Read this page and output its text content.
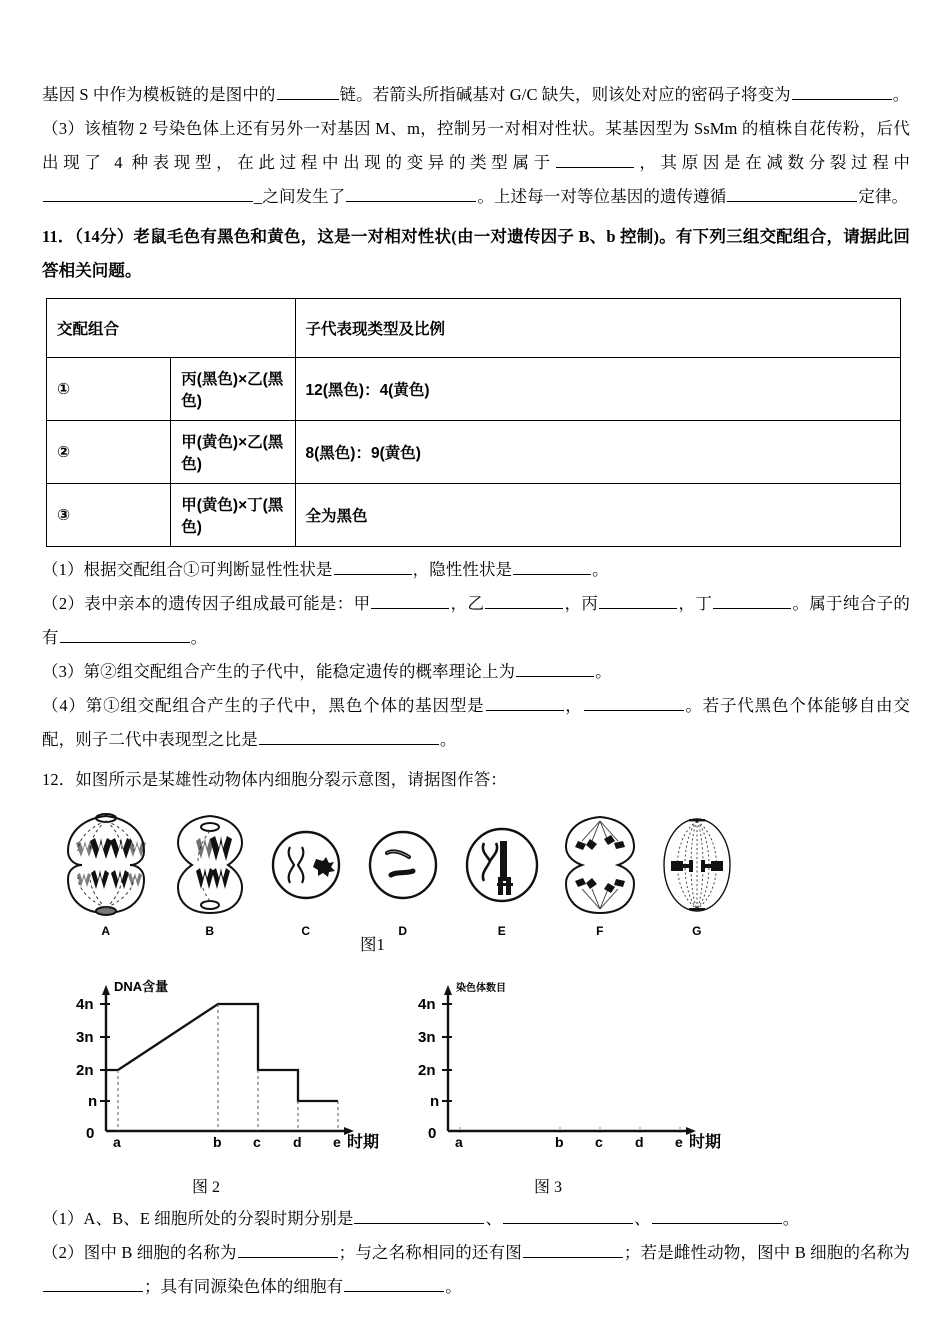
基因 S 中作为模板链的是图中的	链。若箭头所指碱基对 G/C 缺失，则该处对应的密码子将变为	。

（3）该植物 2 号染色体上还有另外一对基因 M、m，控制另一对相对性状。某基因型为 SsMm 的植株自花传粉，后代出现了 4 种表现型，在此过程中出现的变异的类型属于	，其原因是在减数分裂过程中_之间发生了	。上述每一对等位基因的遗传遵循	定律。

11．（14分）老鼠毛色有黑色和黄色，这是一对相对性状(由一对遗传因子 B、b 控制)。有下列三组交配组合，请据此回答相关问题。

交配组合		子代表现类型及比例
①	丙(黑色)×乙(黑色)	12(黑色)：4(黄色)
②	甲(黄色)×乙(黑色)	8(黑色)：9(黄色)
③	甲(黄色)×丁(黑色)	全为黑色

（1）根据交配组合①可判断显性性状是	，隐性性状是	。

（2）表中亲本的遗传因子组成最可能是：甲	，乙	，丙	，丁	。属于纯合子的有	。

（3）第②组交配组合产生的子代中，能稳定遗传的概率理论上为	。

（4）第①组交配组合产生的子代中，黑色个体的基因型是	，	。若子代黑色个体能够自由交配，则子二代中表现型之比是	。

12．如图所示是某雄性动物体内细胞分裂示意图，请据图作答：

A	B	C	D	E	F	G
图1
4n
3n
2n
n
0
DNA含量
a	b c d e 时期
图 2
4n
3n
2n
n
0
染色体数目
a	b c d e 时期
图 3

（1）A、B、E 细胞所处的分裂时期分别是	、	、	。

（2）图中 B 细胞的名称为	；与之名称相同的还有图	；若是雌性动物，图中 B 细胞的名称为；具有同源染色体的细胞有	。
